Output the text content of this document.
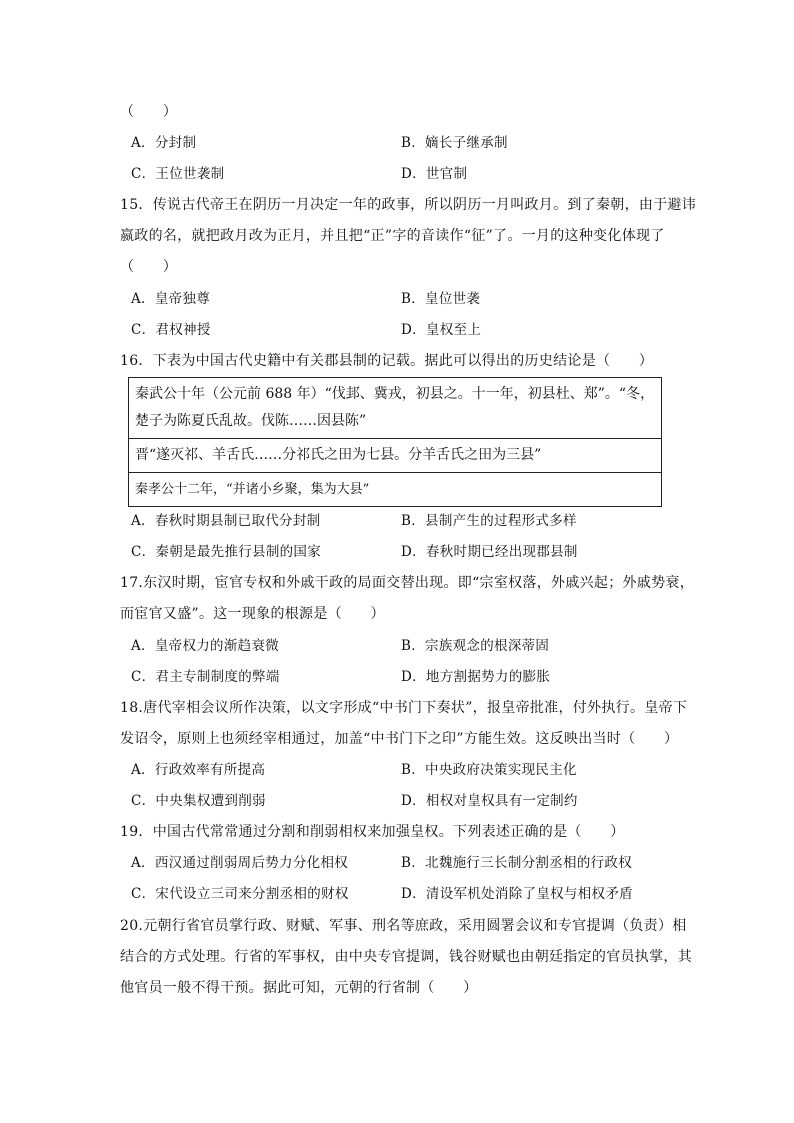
（　　）
A．分封制	B．嫡长子继承制
C．王位世袭制	D．世官制
15．传说古代帝王在阴历一月决定一年的政事，所以阴历一月叫政月。到了秦朝，由于避讳
嬴政的名，就把政月改为正月，并且把“正”字的音读作“征”了。一月的这种变化体现了
（　　）
A．皇帝独尊	B．皇位世袭
C．君权神授	D．皇权至上
16．下表为中国古代史籍中有关郡县制的记载。据此可以得出的历史结论是（　　）
秦武公十年（公元前 688 年）“伐邽、冀戎，初县之。十一年，初县杜、郑”。“冬，楚子为陈夏氏乱故。伐陈……因县陈”
晋“遂灭祁、羊舌氏……分祁氏之田为七县。分羊舌氏之田为三县”
秦孝公十二年，“并诸小乡聚，集为大县”
A．春秋时期县制已取代分封制	B．县制产生的过程形式多样
C．秦朝是最先推行县制的国家	D．春秋时期已经出现郡县制
17.东汉时期，宦官专权和外戚干政的局面交替出现。即“宗室权落，外戚兴起；外戚势衰，
而宦官又盛”。这一现象的根源是（　　）
A．皇帝权力的渐趋衰微	B．宗族观念的根深蒂固
C．君主专制制度的弊端	D．地方割据势力的膨胀
18.唐代宰相会议所作决策，以文字形成“中书门下奏状”，报皇帝批准，付外执行。皇帝下
发诏令，原则上也须经宰相通过，加盖“中书门下之印”方能生效。这反映出当时（　　）
A．行政效率有所提高	B．中央政府决策实现民主化
C．中央集权遭到削弱	D．相权对皇权具有一定制约
19．中国古代常常通过分割和削弱相权来加强皇权。下列表述正确的是（　　）
A．西汉通过削弱周后势力分化相权	B．北魏施行三长制分割丞相的行政权
C．宋代设立三司来分割丞相的财权	D．清设军机处消除了皇权与相权矛盾
20.元朝行省官员掌行政、财赋、军事、刑名等庶政，采用圆署会议和专官提调（负责）相
结合的方式处理。行省的军事权，由中央专官提调，钱谷财赋也由朝廷指定的官员执掌，其
他官员一般不得干预。据此可知，元朝的行省制（　　）
